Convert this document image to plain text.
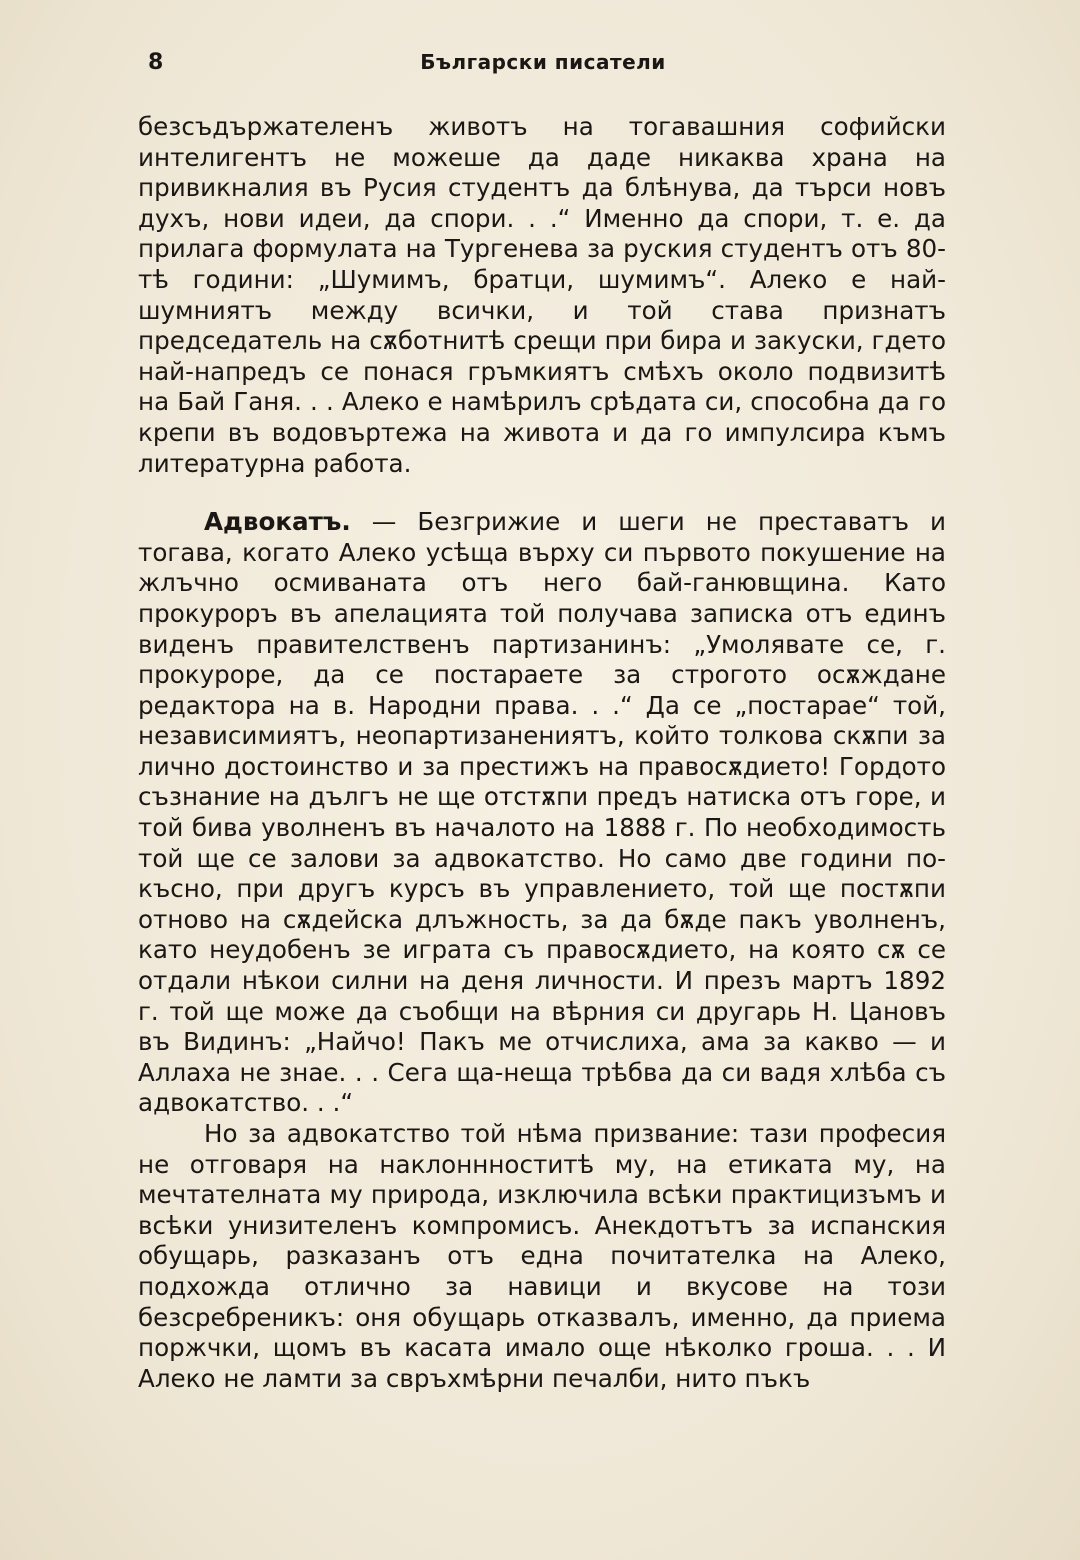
8	Български писатели

безсъдържателенъ животъ на тогавашния софийски интелигентъ не можеше да даде никаква храна на привикналия въ Русия студентъ да блѣнува, да търси новъ духъ, нови идеи, да спори. . .“ Именно да спори, т. е. да прилага формулата на Тургенева за руския студентъ отъ 80-тѣ години: „Шумимъ, братци, шумимъ“. Алеко е най-шумниятъ между всички, и той става признатъ председатель на сѫботнитѣ срещи при бира и закуски, гдето най-напредъ се понася гръмкиятъ смѣхъ около подвизитѣ на Бай Ганя. . . Алеко е намѣрилъ срѣдата си, способна да го крепи въ водовъртежа на живота и да го импулсира къмъ литературна работа.

Адвокатъ. — Безгрижие и шеги не преставатъ и тогава, когато Алеко усѣща върху си първото покушение на жлъчно осмиваната отъ него бай-ганювщина. Като прокуроръ въ апелацията той получава записка отъ единъ виденъ правителственъ партизанинъ: „Умолявате се, г. прокуроре, да се постараете за строгото осѫждане редактора на в. Народни права. . .“ Да се „постарае“ той, независимиятъ, неопартизанениятъ, който толкова скѫпи за лично достоинство и за престижъ на правосѫдието! Гордото съзнание на дългъ не ще отстѫпи предъ натиска отъ горе, и той бива уволненъ въ началото на 1888 г. По необходимость той ще се залови за адвокатство. Но само две години по-късно, при другъ курсъ въ управлението, той ще постѫпи отново на сѫдейска длъжность, за да бѫде пакъ уволненъ, като неудобенъ зе играта съ правосѫдието, на която сѫ се отдали нѣкои силни на деня личности. И презъ мартъ 1892 г. той ще може да съобщи на вѣрния си другарь Н. Цановъ въ Видинъ: „Найчо! Пакъ ме отчислиха, ама за какво — и Аллаха не знае. . . Сега ща-неща трѣбва да си вадя хлѣба съ адвокатство. . .“

Но за адвокатство той нѣма призвание: тази професия не отговаря на наклоннноститѣ му, на етиката му, на мечтателната му природа, изключила всѣки практицизъмъ и всѣки унизителенъ компромисъ. Анекдотътъ за испанския обущарь, разказанъ отъ една почитателка на Алеко, подхожда отлично за навици и вкусове на този безсребреникъ: оня обущарь отказвалъ, именно, да приема поржчки, щомъ въ касата имало още нѣколко гроша. . . И Алеко не ламти за свръхмѣрни печалби, нито пъкъ
